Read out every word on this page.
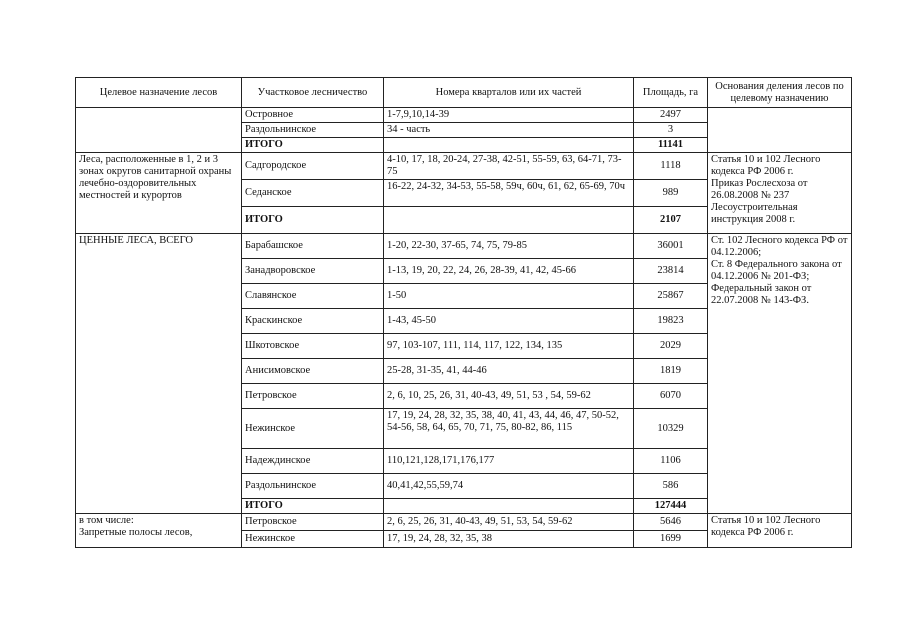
Целевое назначение лесов	Участковое лесничество	Номера кварталов или их частей	Площадь, га	Основания деления лесов по целевому назначению
	Островное	1-7,9,10,14-39	2497	
	Раздольнинское	34 - часть	3	
	ИТОГО		11141	
Леса, расположенные в 1, 2 и 3 зонах округов санитарной охраны лечебно-оздоровительных местностей и курортов	Садгородское	4-10, 17, 18, 20-24, 27-38, 42-51, 55-59, 63, 64-71, 73-75	1118	Статья 10 и 102 Лесного кодекса РФ 2006 г.
Приказ Рослесхоза от 26.08.2008 № 237
Лесоустроительная инструкция 2008 г.
	Седанское	16-22, 24-32, 34-53, 55-58, 59ч, 60ч, 61, 62, 65-69, 70ч	989	
	ИТОГО		2107	
ЦЕННЫЕ ЛЕСА, ВСЕГО	Барабашское	1-20, 22-30, 37-65, 74, 75, 79-85	36001	Ст. 102 Лесного кодекса РФ от 04.12.2006;
Ст. 8 Федерального закона от 04.12.2006 № 201-ФЗ;
Федеральный закон от 22.07.2008 № 143-ФЗ.
	Занадворовское	1-13, 19, 20, 22, 24, 26, 28-39, 41, 42, 45-66	23814	
	Славянское	1-50	25867	
	Краскинское	1-43, 45-50	19823	
	Шкотовское	97, 103-107, 111, 114, 117, 122, 134, 135	2029	
	Анисимовское	25-28, 31-35, 41, 44-46	1819	
	Петровское	2, 6, 10, 25, 26, 31, 40-43, 49, 51, 53 , 54, 59-62	6070	
	Нежинское	17, 19, 24, 28, 32, 35, 38, 40, 41, 43, 44, 46, 47, 50-52, 54-56, 58, 64, 65, 70, 71, 75, 80-82, 86, 115	10329	
	Надеждинское	110,121,128,171,176,177	1106	
	Раздольнинское	40,41,42,55,59,74	586	
	ИТОГО		127444	
в том числе:
Запретные полосы лесов,	Петровское	2, 6, 25, 26, 31, 40-43, 49, 51, 53, 54, 59-62	5646	Статья 10 и 102 Лесного кодекса РФ 2006 г.
	Нежинское	17, 19, 24, 28, 32, 35, 38	1699	
